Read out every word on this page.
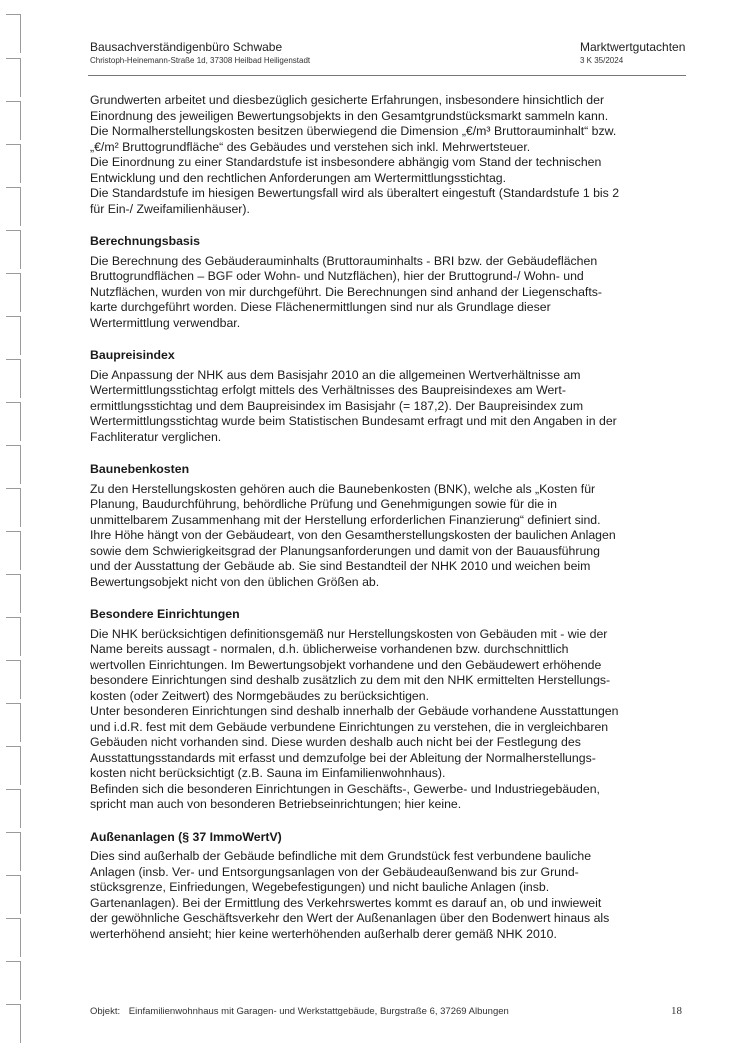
Bausachverständigenbüro Schwabe
Christoph-Heinemann-Straße 1d, 37308 Heilbad Heiligenstadt
Marktwertgutachten
3 K 35/2024

Grundwerten arbeitet und diesbezüglich gesicherte Erfahrungen, insbesondere hinsichtlich der
Einordnung des jeweiligen Bewertungsobjekts in den Gesamtgrundstücksmarkt sammeln kann.
Die Normalherstellungskosten besitzen überwiegend die Dimension „€/m³ Bruttorauminhalt“ bzw.
„€/m² Bruttogrundfläche“ des Gebäudes und verstehen sich inkl. Mehrwertsteuer.
Die Einordnung zu einer Standardstufe ist insbesondere abhängig vom Stand der technischen
Entwicklung und den rechtlichen Anforderungen am Wertermittlungsstichtag.
Die Standardstufe im hiesigen Bewertungsfall wird als überaltert eingestuft (Standardstufe 1 bis 2
für Ein-/ Zweifamilienhäuser).

Berechnungsbasis

Die Berechnung des Gebäuderauminhalts (Bruttorauminhalts - BRI bzw. der Gebäudeflächen
Bruttogrundflächen – BGF oder Wohn- und Nutzflächen), hier der Bruttogrund-/ Wohn- und
Nutzflächen, wurden von mir durchgeführt. Die Berechnungen sind anhand der Liegenschafts-
karte durchgeführt worden. Diese Flächenermittlungen sind nur als Grundlage dieser
Wertermittlung verwendbar.

Baupreisindex

Die Anpassung der NHK aus dem Basisjahr 2010 an die allgemeinen Wertverhältnisse am
Wertermittlungsstichtag erfolgt mittels des Verhältnisses des Baupreisindexes am Wert-
ermittlungsstichtag und dem Baupreisindex im Basisjahr (= 187,2). Der Baupreisindex zum
Wertermittlungsstichtag wurde beim Statistischen Bundesamt erfragt und mit den Angaben in der
Fachliteratur verglichen.

Baunebenkosten

Zu den Herstellungskosten gehören auch die Baunebenkosten (BNK), welche als „Kosten für
Planung, Baudurchführung, behördliche Prüfung und Genehmigungen sowie für die in
unmittelbarem Zusammenhang mit der Herstellung erforderlichen Finanzierung“ definiert sind.
Ihre Höhe hängt von der Gebäudeart, von den Gesamtherstellungskosten der baulichen Anlagen
sowie dem Schwierigkeitsgrad der Planungsanforderungen und damit von der Bauausführung
und der Ausstattung der Gebäude ab. Sie sind Bestandteil der NHK 2010 und weichen beim
Bewertungsobjekt nicht von den üblichen Größen ab.

Besondere Einrichtungen

Die NHK berücksichtigen definitionsgemäß nur Herstellungskosten von Gebäuden mit - wie der
Name bereits aussagt - normalen, d.h. üblicherweise vorhandenen bzw. durchschnittlich
wertvollen Einrichtungen. Im Bewertungsobjekt vorhandene und den Gebäudewert erhöhende
besondere Einrichtungen sind deshalb zusätzlich zu dem mit den NHK ermittelten Herstellungs-
kosten (oder Zeitwert) des Normgebäudes zu berücksichtigen.
Unter besonderen Einrichtungen sind deshalb innerhalb der Gebäude vorhandene Ausstattungen
und i.d.R. fest mit dem Gebäude verbundene Einrichtungen zu verstehen, die in vergleichbaren
Gebäuden nicht vorhanden sind. Diese wurden deshalb auch nicht bei der Festlegung des
Ausstattungsstandards mit erfasst und demzufolge bei der Ableitung der Normalherstellungs-
kosten nicht berücksichtigt (z.B. Sauna im Einfamilienwohnhaus).
Befinden sich die besonderen Einrichtungen in Geschäfts-, Gewerbe- und Industriegebäuden,
spricht man auch von besonderen Betriebseinrichtungen; hier keine.

Außenanlagen (§ 37 ImmoWertV)

Dies sind außerhalb der Gebäude befindliche mit dem Grundstück fest verbundene bauliche
Anlagen (insb. Ver- und Entsorgungsanlagen von der Gebäudeaußenwand bis zur Grund-
stücksgrenze, Einfriedungen, Wegebefestigungen) und nicht bauliche Anlagen (insb.
Gartenanlagen). Bei der Ermittlung des Verkehrswertes kommt es darauf an, ob und inwieweit
der gewöhnliche Geschäftsverkehr den Wert der Außenanlagen über den Bodenwert hinaus als
werterhöhend ansieht; hier keine werterhöhenden außerhalb derer gemäß NHK 2010.

Objekt: Einfamilienwohnhaus mit Garagen- und Werkstattgebäude, Burgstraße 6, 37269 Albungen	18
